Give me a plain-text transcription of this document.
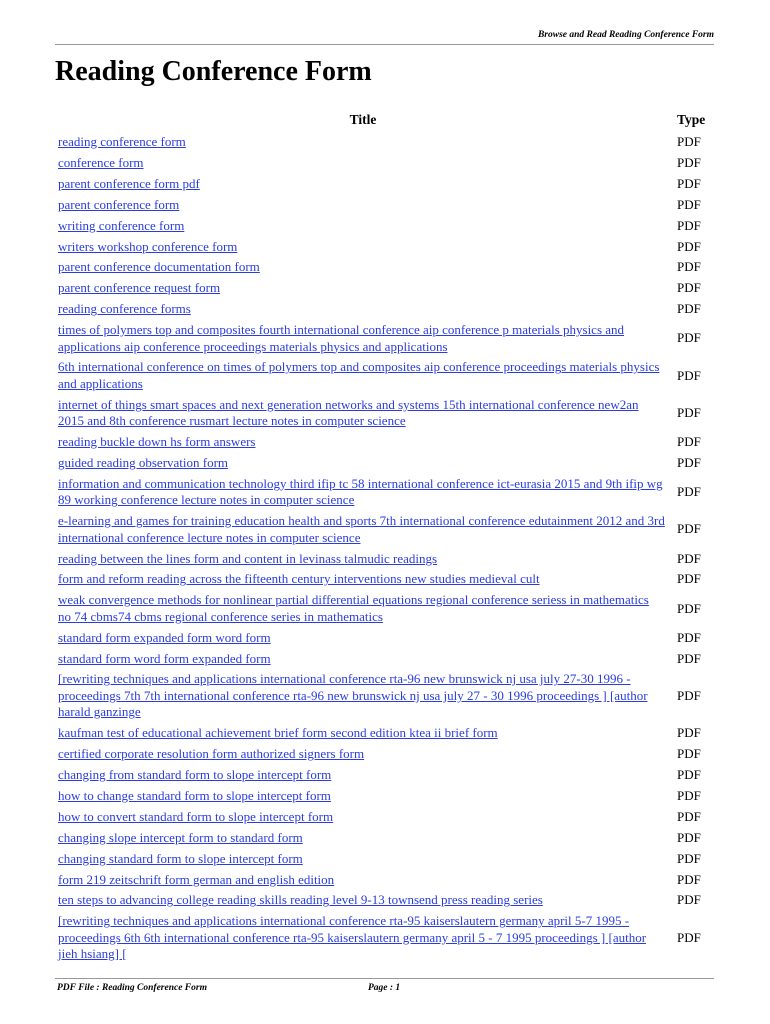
Browse and Read Reading Conference Form
Reading Conference Form
Title	Type
reading conference form	PDF
conference form	PDF
parent conference form pdf	PDF
parent conference form	PDF
writing conference form	PDF
writers workshop conference form	PDF
parent conference documentation form	PDF
parent conference request form	PDF
reading conference forms	PDF
times of polymers top and composites fourth international conference aip conference p materials physics and applications aip conference proceedings materials physics and applications	PDF
6th international conference on times of polymers top and composites aip conference proceedings materials physics and applications	PDF
internet of things smart spaces and next generation networks and systems 15th international conference new2an 2015 and 8th conference rusmart lecture notes in computer science	PDF
reading buckle down hs form answers	PDF
guided reading observation form	PDF
information and communication technology third ifip tc 58 international conference ict-eurasia 2015 and 9th ifip wg 89 working conference lecture notes in computer science	PDF
e-learning and games for training education health and sports 7th international conference edutainment 2012 and 3rd international conference lecture notes in computer science	PDF
reading between the lines form and content in levinass talmudic readings	PDF
form and reform reading across the fifteenth century interventions new studies medieval cult	PDF
weak convergence methods for nonlinear partial differential equations regional conference seriess in mathematics no 74 cbms74 cbms regional conference series in mathematics	PDF
standard form expanded form word form	PDF
standard form word form expanded form	PDF
[rewriting techniques and applications international conference rta-96 new brunswick nj usa july 27-30 1996 - proceedings 7th 7th international conference rta-96 new brunswick nj usa july 27 - 30 1996 proceedings ] [author harald ganzinge	PDF
kaufman test of educational achievement brief form second edition ktea ii brief form	PDF
certified corporate resolution form authorized signers form	PDF
changing from standard form to slope intercept form	PDF
how to change standard form to slope intercept form	PDF
how to convert standard form to slope intercept form	PDF
changing slope intercept form to standard form	PDF
changing standard form to slope intercept form	PDF
form 219 zeitschrift form german and english edition	PDF
ten steps to advancing college reading skills reading level 9-13 townsend press reading series	PDF
[rewriting techniques and applications international conference rta-95 kaiserslautern germany april 5-7 1995 - proceedings 6th 6th international conference rta-95 kaiserslautern germany april 5 - 7 1995 proceedings ] [author jieh hsiang] [	PDF
PDF File : Reading Conference Form	Page : 1
